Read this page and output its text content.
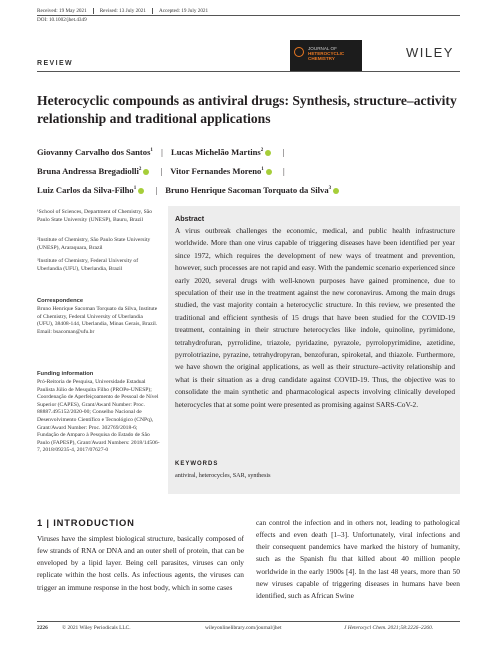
Received: 19 May 2021	Revised: 13 July 2021	Accepted: 19 July 2021
DOI: 10.1002/jhet.4349
JOURNAL OF
HETEROCYCLIC
CHEMISTRY	WILEY
REVIEW
Heterocyclic compounds as antiviral drugs: Synthesis, structure–activity relationship and traditional applications
Giovanny Carvalho dos Santos$^1$ | Lucas Michelão Martins$^2$ |
Bruna Andressa Bregadiolli$^2$ | Vitor Fernandes Moreno$^1$ |
Luiz Carlos da Silva-Filho$^1$ | Bruno Henrique Sacoman Torquato da Silva$^3$
¹School of Sciences, Department of Chemistry, São Paulo State University (UNESP), Bauru, Brazil
²Institute of Chemistry, São Paulo State University (UNESP), Araraquara, Brazil
³Institute of Chemistry, Federal University of Uberlandia (UFU), Uberlandia, Brazil
Correspondence
Bruno Henrique Sacoman Torquato da Silva, Institute of Chemistry, Federal University of Uberlandia (UFU), 38408-144, Uberlandia, Minas Gerais, Brazil.
Email: bsacoman@ufu.br
Funding information
Pró-Reitoria de Pesquisa, Universidade Estadual Paulista Júlio de Mesquita Filho (PROPe-UNESP); Coordenação de Aperfeiçoamento de Pessoal de Nível Superior (CAPES), Grant/Award Number: Proc. 88887.495152/2020-00; Conselho Nacional de Desenvolvimento Científico e Tecnológico (CNPq), Grant/Award Number: Proc. 302769/2018-6; Fundação de Amparo à Pesquisa do Estado de São Paulo (FAPESP), Grant/Award Numbers: 2018/14506-7, 2018/09235-4, 2017/07627-0
Abstract
A virus outbreak challenges the economic, medical, and public health infrastructure worldwide. More than one virus capable of triggering diseases have been identified per year since 1972, which requires the development of new ways of treatment and prevention, however, such processes are not rapid and easy. With the pandemic scenario experienced since early 2020, several drugs with well-known purposes have gained prominence, due to speculation of their use in the treatment against the new coronavirus. Among the main drugs studied, the vast majority contain a heterocyclic structure. In this review, we presented the traditional and efficient synthesis of 15 drugs that have been studied for the COVID-19 treatment, containing in their structure heterocycles like indole, quinoline, pyrimidone, tetrahydrofuran, pyrrolidine, triazole, pyridazine, pyrazole, pyrrolopyrimidine, azetidine, pyrrolotriazine, pyrazine, tetrahydropyran, benzofuran, spiroketal, and thiazole. Furthermore, we have shown the original applications, as well as their structure–activity relationship and what is their situation as a drug candidate against COVID-19. Thus, the objective was to consolidate the main synthetic and pharmacological aspects involving clinically developed heterocycles that at some point were presented as promising against SARS-CoV-2.
KEYWORDS
antiviral, heterocycles, SAR, synthesis
1 | INTRODUCTION
Viruses have the simplest biological structure, basically composed of few strands of RNA or DNA and an outer shell of protein, that can be enveloped by a lipid layer. Being cell parasites, viruses can only replicate within the host cells. As infectious agents, the viruses can trigger an immune response in the host body, which in some cases
can control the infection and in others not, leading to pathological effects and even death [1–3]. Unfortunately, viral infections and their consequent pandemics have marked the history of humanity, such as the Spanish flu that killed about 40 million people worldwide in the early 1900s [4]. In the last 48 years, more than 50 new viruses capable of triggering diseases in humans have been identified, such as African Swine
2226	© 2021 Wiley Periodicals LLC.	wileyonlinelibrary.com/journal/jhet	J Heterocycl Chem. 2021;58:2226–2260.
